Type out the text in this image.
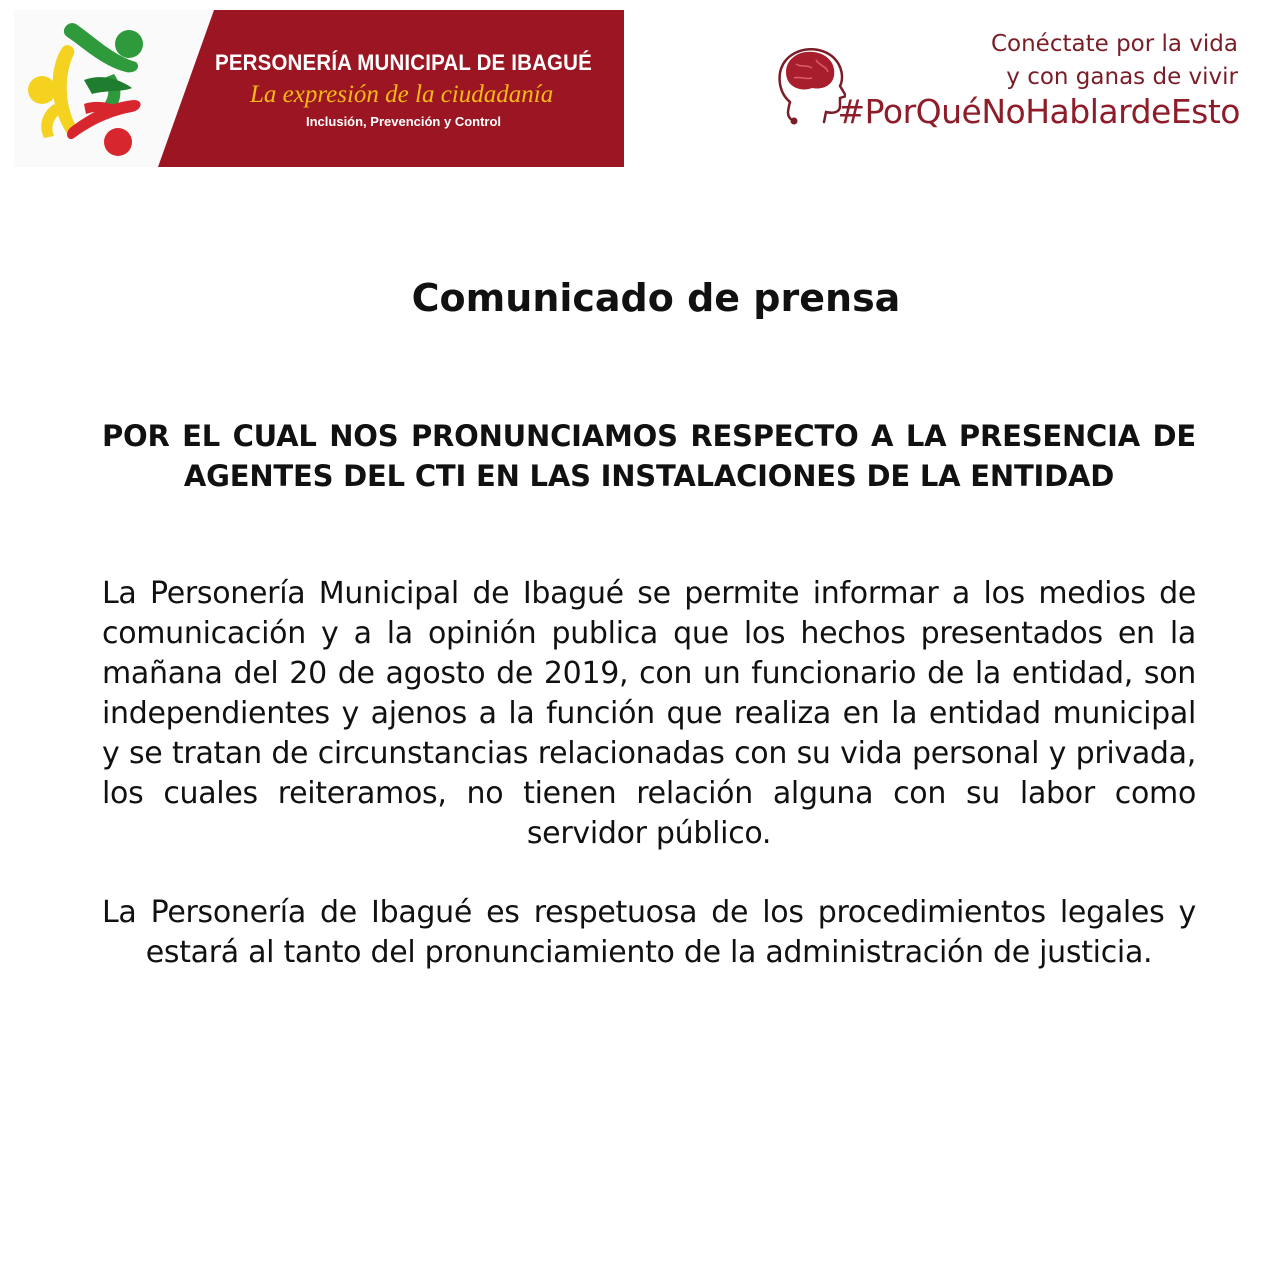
PERSONERÍA MUNICIPAL DE IBAGUÉ
La expresión de la ciudadanía
Inclusión, Prevención y Control
Conéctate por la vida
y con ganas de vivir
#PorQuéNoHablardeEsto
Comunicado de prensa
POR EL CUAL NOS PRONUNCIAMOS RESPECTO A LA PRESENCIA DE AGENTES DEL CTI EN LAS INSTALACIONES DE LA ENTIDAD
La Personería Municipal de Ibagué se permite informar a los medios de comunicación y a la opinión publica que los hechos presentados en la mañana del 20 de agosto de 2019, con un funcionario de la entidad, son independientes y ajenos a la función que realiza en la entidad municipal y se tratan de circunstancias relacionadas con su vida personal y privada, los cuales reiteramos, no tienen relación alguna con su labor como servidor público.
La Personería de Ibagué es respetuosa de los procedimientos legales y estará al tanto del pronunciamiento de la administración de justicia.
